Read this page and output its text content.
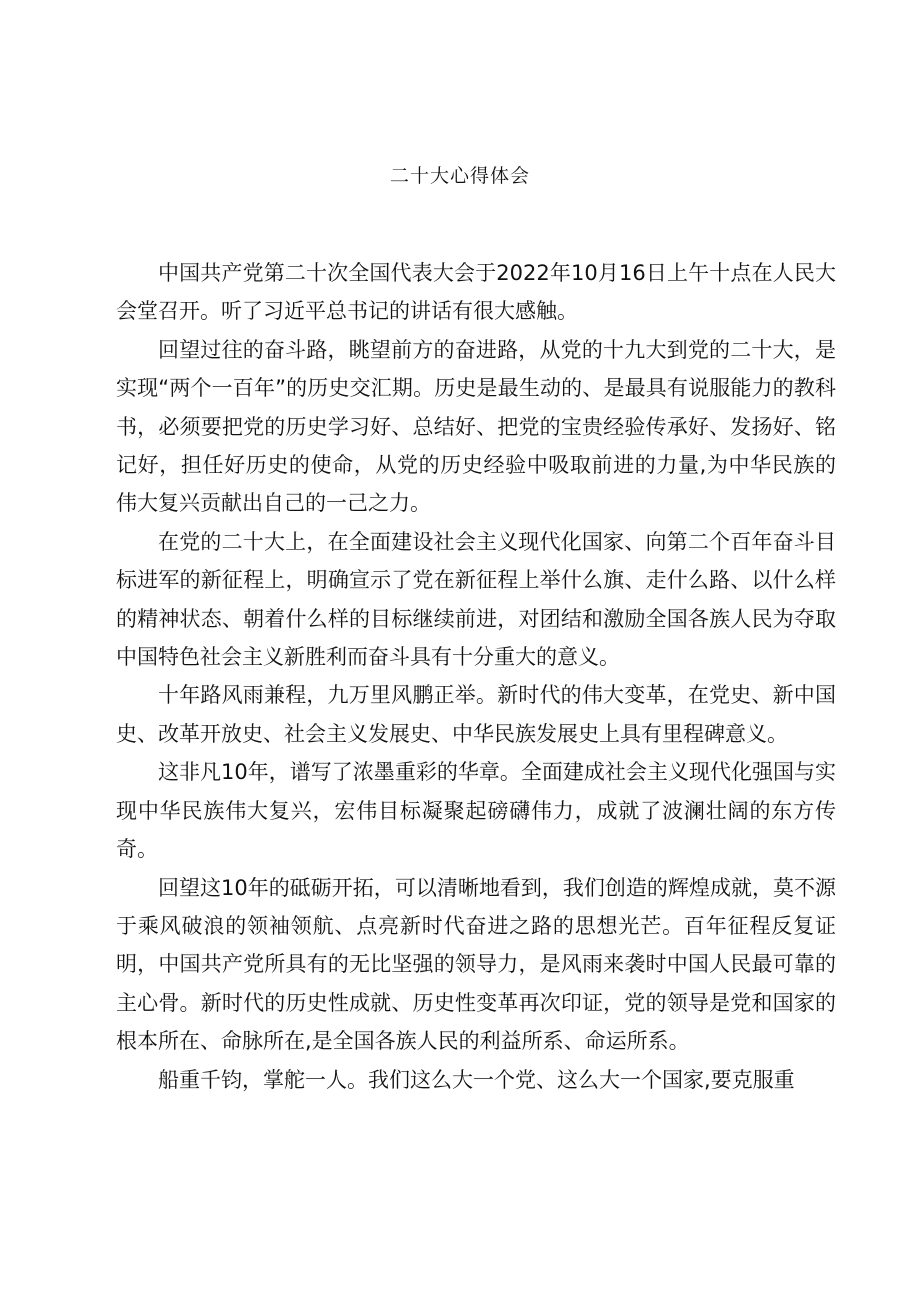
二十大心得体会

中国共产党第二十次全国代表大会于2022年10月16日上午十点在人民大会堂召开。听了习近平总书记的讲话有很大感触。

回望过往的奋斗路，眺望前方的奋进路，从党的十九大到党的二十大，是实现“两个一百年”的历史交汇期。历史是最生动的、是最具有说服能力的教科书，必须要把党的历史学习好、总结好、把党的宝贵经验传承好、发扬好、铭记好，担任好历史的使命，从党的历史经验中吸取前进的力量,为中华民族的伟大复兴贡献出自己的一己之力。

在党的二十大上，在全面建设社会主义现代化国家、向第二个百年奋斗目标进军的新征程上，明确宣示了党在新征程上举什么旗、走什么路、以什么样的精神状态、朝着什么样的目标继续前进，对团结和激励全国各族人民为夺取中国特色社会主义新胜利而奋斗具有十分重大的意义。

十年路风雨兼程，九万里风鹏正举。新时代的伟大变革，在党史、新中国史、改革开放史、社会主义发展史、中华民族发展史上具有里程碑意义。

这非凡10年，谱写了浓墨重彩的华章。全面建成社会主义现代化强国与实现中华民族伟大复兴，宏伟目标凝聚起磅礴伟力，成就了波澜壮阔的东方传奇。

回望这10年的砥砺开拓，可以清晰地看到，我们创造的辉煌成就，莫不源于乘风破浪的领袖领航、点亮新时代奋进之路的思想光芒。百年征程反复证明，中国共产党所具有的无比坚强的领导力，是风雨来袭时中国人民最可靠的主心骨。新时代的历史性成就、历史性变革再次印证，党的领导是党和国家的根本所在、命脉所在,是全国各族人民的利益所系、命运所系。

船重千钧，掌舵一人。我们这么大一个党、这么大一个国家,要克服重
